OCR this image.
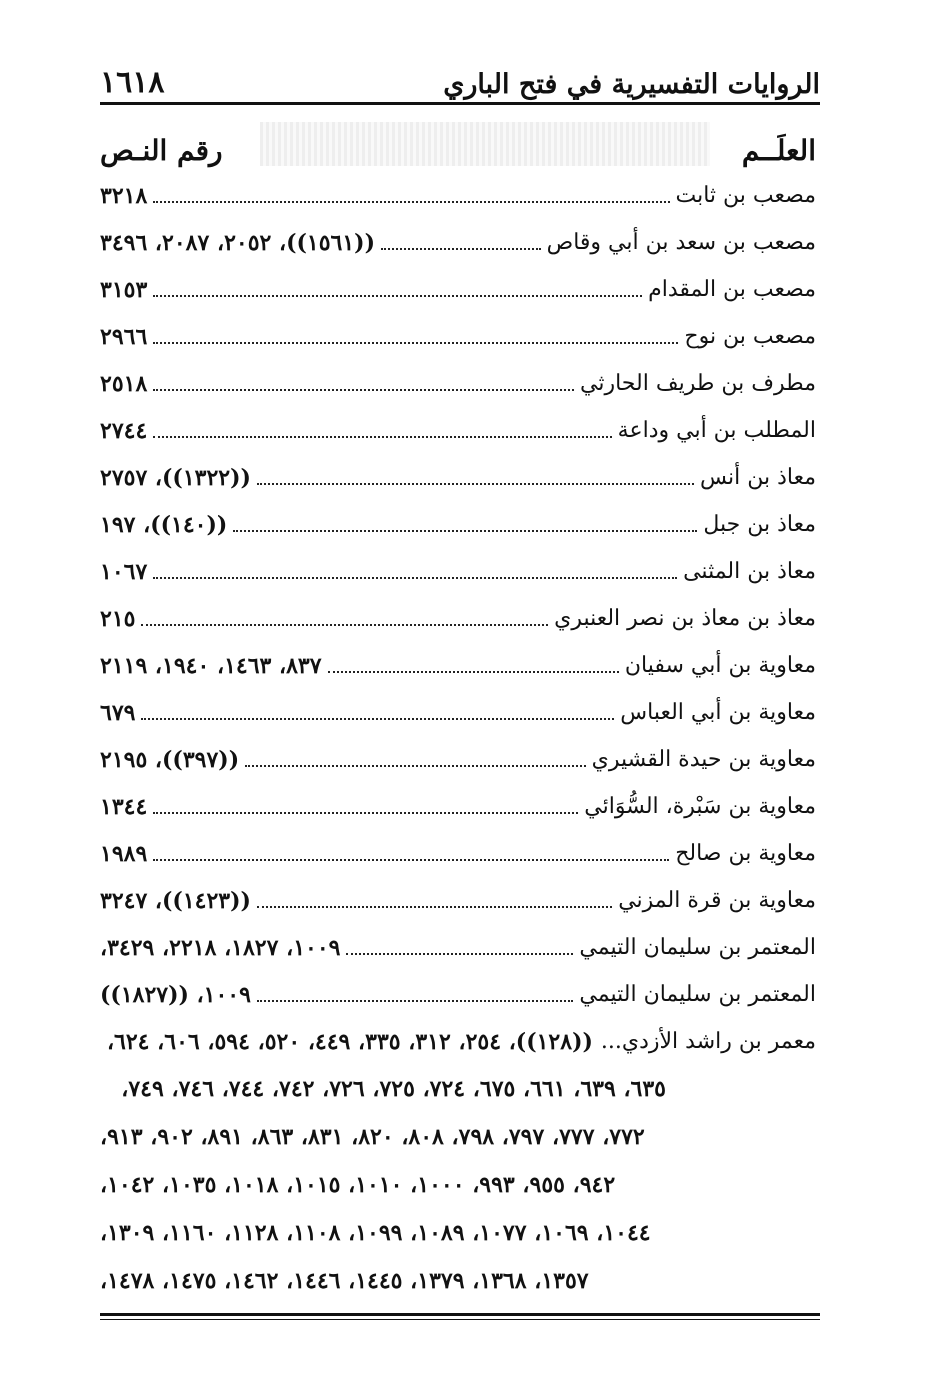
الروايات التفسيرية في فتح الباري
١٦١٨
العلَــم
رقم النـص
مصعب بن ثابت
٣٢١٨
مصعب بن سعد بن أبي وقاص
((١٥٦١))، ٢٠٥٢، ٢٠٨٧، ٣٤٩٦
مصعب بن المقدام
٣١٥٣
مصعب بن نوح
٢٩٦٦
مطرف بن طريف الحارثي
٢٥١٨
المطلب بن أبي وداعة
٢٧٤٤
معاذ بن أنس
((١٣٢٢))، ٢٧٥٧
معاذ بن جبل
((١٤٠))، ١٩٧
معاذ بن المثنى
١٠٦٧
معاذ بن معاذ بن نصر العنبري
٢١٥
معاوية بن أبي سفيان
٨٣٧، ١٤٦٣، ١٩٤٠، ٢١١٩
معاوية بن أبي العباس
٦٧٩
معاوية بن حيدة القشيري
((٣٩٧))، ٢١٩٥
معاوية بن سَبْرة، السُّوَائي
١٣٤٤
معاوية بن صالح
١٩٨٩
معاوية بن قرة المزني
((١٤٢٣))، ٣٢٤٧
المعتمر بن سليمان التيمي
١٠٠٩، ١٨٢٧، ٢٢١٨، ٣٤٢٩،
المعتمر بن سليمان التيمي
١٠٠٩، ((١٨٢٧))
معمر بن راشد الأزدي...
((١٢٨))، ٢٥٤، ٣١٢، ٣٣٥، ٤٤٩، ٥٢٠، ٥٩٤، ٦٠٦، ٦٢٤،
٦٣٥، ٦٣٩، ٦٦١، ٦٧٥، ٧٢٤، ٧٢٥، ٧٢٦، ٧٤٢، ٧٤٤، ٧٤٦، ٧٤٩،
٧٧٢، ٧٧٧، ٧٩٧، ٧٩٨، ٨٠٨، ٨٢٠، ٨٣١، ٨٦٣، ٨٩١، ٩٠٢، ٩١٣،
٩٤٢، ٩٥٥، ٩٩٣، ١٠٠٠، ١٠١٠، ١٠١٥، ١٠١٨، ١٠٣٥، ١٠٤٢،
١٠٤٤، ١٠٦٩، ١٠٧٧، ١٠٨٩، ١٠٩٩، ١١٠٨، ١١٢٨، ١١٦٠، ١٣٠٩،
١٣٥٧، ١٣٦٨، ١٣٧٩، ١٤٤٥، ١٤٤٦، ١٤٦٢، ١٤٧٥، ١٤٧٨،
